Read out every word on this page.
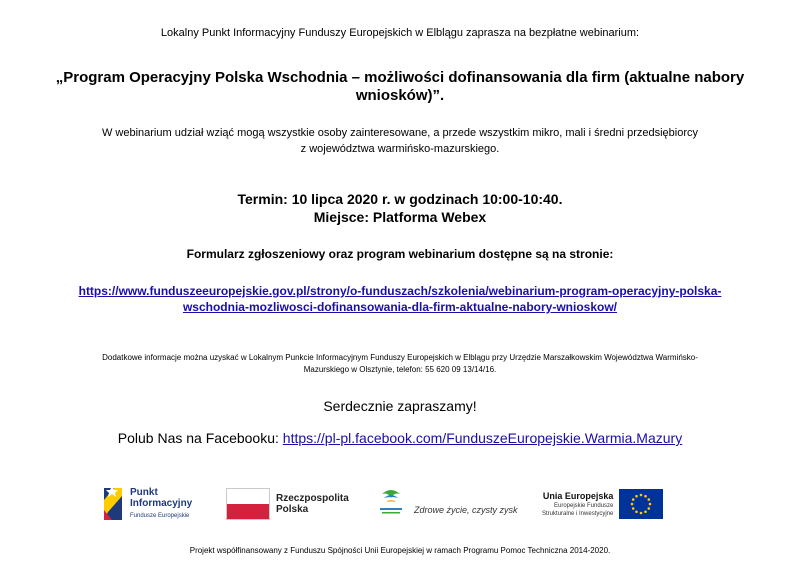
Lokalny Punkt Informacyjny Funduszy Europejskich w Elblągu zaprasza na bezpłatne webinarium:
„Program Operacyjny Polska Wschodnia – możliwości dofinansowania dla firm (aktualne nabory wniosków)”.
W webinarium udział wziąć mogą wszystkie osoby zainteresowane, a przede wszystkim mikro, mali i średni przedsiębiorcy
z województwa warmińsko-mazurskiego.
Termin: 10 lipca 2020 r. w godzinach 10:00-10:40.
Miejsce: Platforma Webex
Formularz zgłoszeniowy oraz program webinarium dostępne są na stronie:
https://www.funduszeeuropejskie.gov.pl/strony/o-funduszach/szkolenia/webinarium-program-operacyjny-polska-
wschodnia-mozliwosci-dofinansowania-dla-firm-aktualne-nabory-wnioskow/
Dodatkowe informacje można uzyskać w Lokalnym Punkcie Informacyjnym Funduszy Europejskich w Elblągu przy Urzędzie Marszałkowskim Województwa Warmińsko-
Mazurskiego w Olsztynie, telefon: 55 620 09 13/14/16.
Serdecznie zapraszamy!
Polub Nas na Facebooku: https://pl-pl.facebook.com/FunduszeEuropejskie.Warmia.Mazury
Punkt
Informacyjny
Fundusze Europejskie
Rzeczpospolita
Polska	Zdrowe życie, czysty zysk
Unia Europejska
Europejskie Fundusze
Strukturalne i Inwestycyjne
Projekt współfinansowany z Funduszu Spójności Unii Europejskiej w ramach Programu Pomoc Techniczna 2014-2020.
